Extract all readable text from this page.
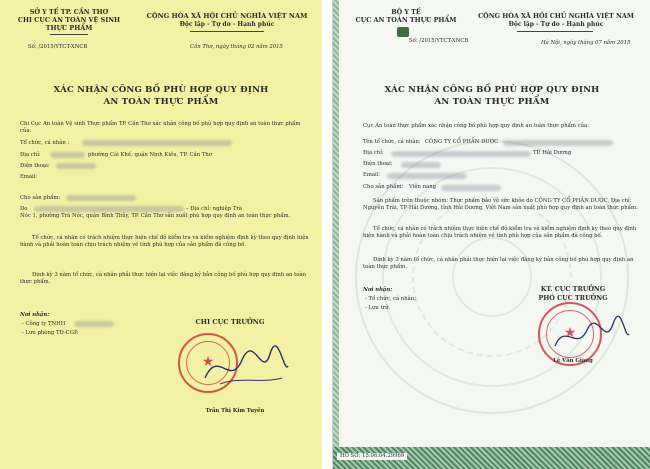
SỞ Y TẾ TP. CẦN THƠ
CHI CỤC AN TOÀN VỆ SINH
THỰC PHẨM
CỘNG HÒA XÃ HỘI CHỦ NGHĨA VIỆT NAM
Độc lập - Tự do - Hạnh phúc
Số: /2015/YTCT-XNCB	Cần Thơ, ngày tháng 02 năm 2015
XÁC NHẬN CÔNG BỐ PHÙ HỢP QUY ĐỊNH
AN TOÀN THỰC PHẨM
Chi Cục An toàn Vệ sinh Thực phẩm TP. Cần Thơ xác nhận công bố phù hợp quy định an toàn thực phẩm của:
Tổ chức, cá nhân :
Địa chỉ:	phường Cái Khế, quận Ninh Kiều, TP. Cần Thơ
Điện thoại:
Email:
Cho sản phẩm:
Do	– Địa chỉ: nghiệp Trà
Nóc 1, phường Trà Nóc, quận Bình Thủy, TP. Cần Thơ sản xuất phù hợp quy định an toàn thực phẩm.
Tổ chức, cá nhân có trách nhiệm thực hiện chế độ kiểm tra và kiểm nghiệm định kỳ theo quy định hiện hành và phải hoàn toàn chịu trách nhiệm về tính phù hợp của sản phẩm đã công bố.
Định kỳ 3 năm tổ chức, cá nhân phải thực hiện lại việc đăng ký bản công bố phù hợp quy định an toàn thực phẩm.
Nơi nhận:
- Công ty TNHH
- Lưu phòng TĐ-CGP.
CHI CỤC TRƯỞNG
★
Trần Thị Kim Tuyến
BỘ Y TẾ
CỤC AN TOÀN THỰC PHẨM
Số: /2015/YTCT-XNCB
CỘNG HÒA XÃ HỘI CHỦ NGHĨA VIỆT NAM
Độc lập - Tự do - Hạnh phúc
Hà Nội, ngày tháng 07 năm 2015
XÁC NHẬN CÔNG BỐ PHÙ HỢP QUY ĐỊNH
AN TOÀN THỰC PHẨM
Cục An toàn thực phẩm xác nhận công bố phù hợp quy định an toàn thực phẩm của:
Tên tổ chức, cá nhân: CÔNG TY CỔ PHẦN DƯỢC
Địa chỉ:	TP. Hải Dương
Điện thoại:
Email:
Cho sản phẩm: Viên nang
Sản phẩm trên thuộc nhóm: Thực phẩm bảo vệ sức khỏe do CÔNG TY CỔ PHẦN DƯỢC, Địa chỉ: Nguyễn Trãi, TP Hải Dương, tỉnh Hải Dương, Việt Nam sản xuất phù hợp quy định an toàn thực phẩm.
Tổ chức, cá nhân có trách nhiệm thực hiện chế độ kiểm tra và kiểm nghiệm định kỳ theo quy định hiện hành và phải hoàn toàn chịu trách nhiệm về tính phù hợp của sản phẩm đã công bố.
Định kỳ 3 năm tổ chức, cá nhân phải thực hiện lại việc đăng ký bản công bố phù hợp quy định an toàn thực phẩm.
Nơi nhận:
- Tổ chức, cá nhân;
- Lưu trữ.
KT. CỤC TRƯỞNG
PHÓ CỤC TRƯỞNG
★
Lê Văn Giang
HỒ SƠ: 15.06.04.29969
